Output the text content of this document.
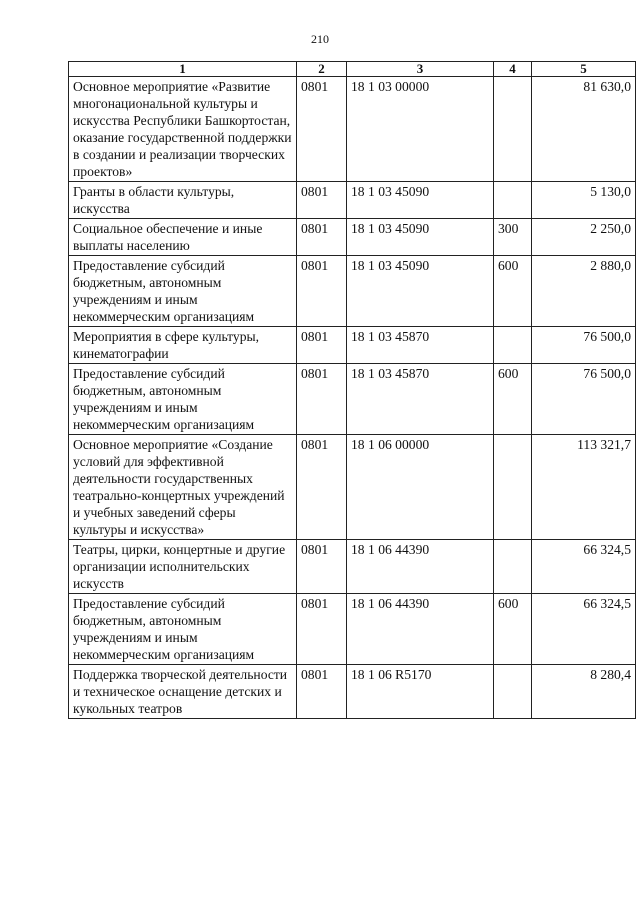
210
1	2	3	4	5
Основное мероприятие «Развитие многонациональной культуры и искусства Республики Башкортостан, оказание государственной поддержки в создании и реализации творческих проектов»	0801	18 1 03 00000		81 630,0
Гранты в области культуры, искусства	0801	18 1 03 45090		5 130,0
Социальное обеспечение и иные выплаты населению	0801	18 1 03 45090	300	2 250,0
Предоставление субсидий бюджетным, автономным учреждениям и иным некоммерческим организациям	0801	18 1 03 45090	600	2 880,0
Мероприятия в сфере культуры, кинематографии	0801	18 1 03 45870		76 500,0
Предоставление субсидий бюджетным, автономным учреждениям и иным некоммерческим организациям	0801	18 1 03 45870	600	76 500,0
Основное мероприятие «Создание условий для эффективной деятельности государственных театрально-концертных учреждений и учебных заведений сферы культуры и искусства»	0801	18 1 06 00000		113 321,7
Театры, цирки, концертные и другие организации исполнительских искусств	0801	18 1 06 44390		66 324,5
Предоставление субсидий бюджетным, автономным учреждениям и иным некоммерческим организациям	0801	18 1 06 44390	600	66 324,5
Поддержка творческой деятельности и техническое оснащение детских и кукольных театров	0801	18 1 06 R5170		8 280,4
